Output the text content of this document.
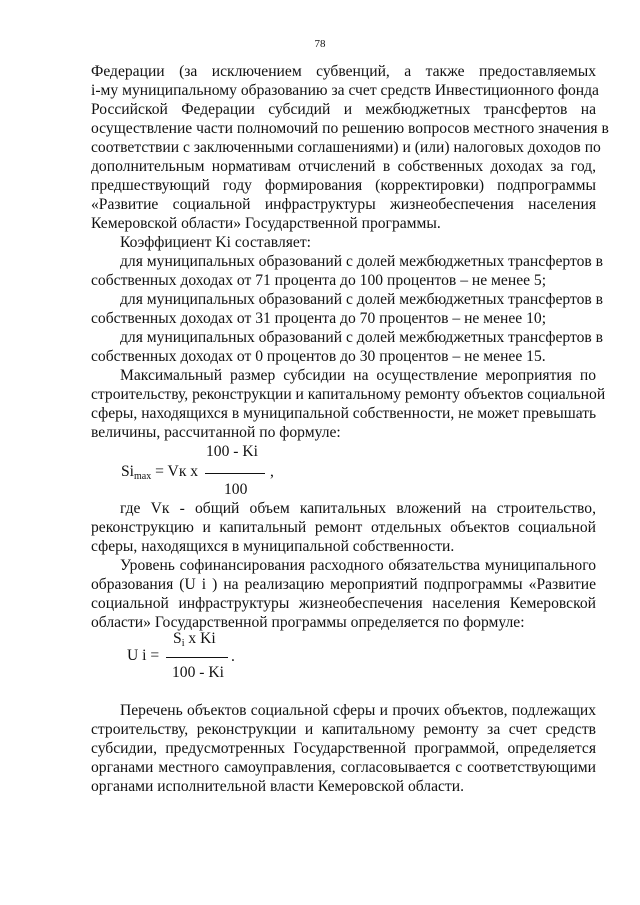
78
Федерации (за исключением субвенций, а также предоставляемых
i-му муниципальному образованию за счет средств Инвестиционного фонда
Российской Федерации субсидий и межбюджетных трансфертов на
осуществление части полномочий по решению вопросов местного значения в
соответствии с заключенными соглашениями) и (или) налоговых доходов по
дополнительным нормативам отчислений в собственных доходах за год,
предшествующий году формирования (корректировки) подпрограммы
«Развитие социальной инфраструктуры жизнеобеспечения населения
Кемеровской области» Государственной программы.
Коэффициент Ki составляет:
для муниципальных образований с долей межбюджетных трансфертов в
собственных доходах от 71 процента до 100 процентов – не менее 5;
для муниципальных образований с долей межбюджетных трансфертов в
собственных доходах от 31 процента до 70 процентов – не менее 10;
для муниципальных образований с долей межбюджетных трансфертов в
собственных доходах от 0 процентов до 30 процентов – не менее 15.
Максимальный размер субсидии на осуществление мероприятия по
строительству, реконструкции и капитальному ремонту объектов социальной
сферы, находящихся в муниципальной собственности, не может превышать
величины, рассчитанной по формуле:
100 - Ki
Simax = Vк x	,
100
где Vк - общий объем капитальных вложений на строительство,
реконструкцию и капитальный ремонт отдельных объектов социальной
сферы, находящихся в муниципальной собственности.
Уровень софинансирования расходного обязательства муниципального
образования (U i ) на реализацию мероприятий подпрограммы «Развитие
социальной инфраструктуры жизнеобеспечения населения Кемеровской
области» Государственной программы определяется по формуле:
Si x Ki
U i =	.
100 - Ki
Перечень объектов социальной сферы и прочих объектов, подлежащих
строительству, реконструкции и капитальному ремонту за счет средств
субсидии, предусмотренных Государственной программой, определяется
органами местного самоуправления, согласовывается с соответствующими
органами исполнительной власти Кемеровской области.
